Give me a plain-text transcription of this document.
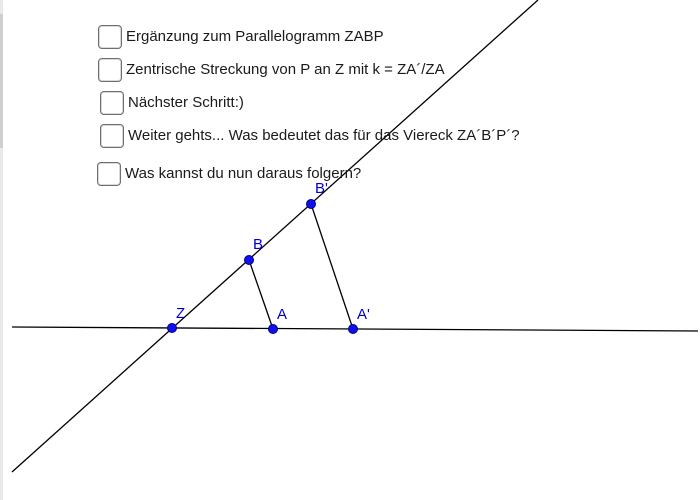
Z	A	A'
B
B'
Ergänzung zum Parallelogramm ZABP
Zentrische Streckung von P an Z mit k = ZA´/ZA
Nächster Schritt:)
Weiter gehts... Was bedeutet das für das Viereck ZA´B´P´?
Was kannst du nun daraus folgern?
